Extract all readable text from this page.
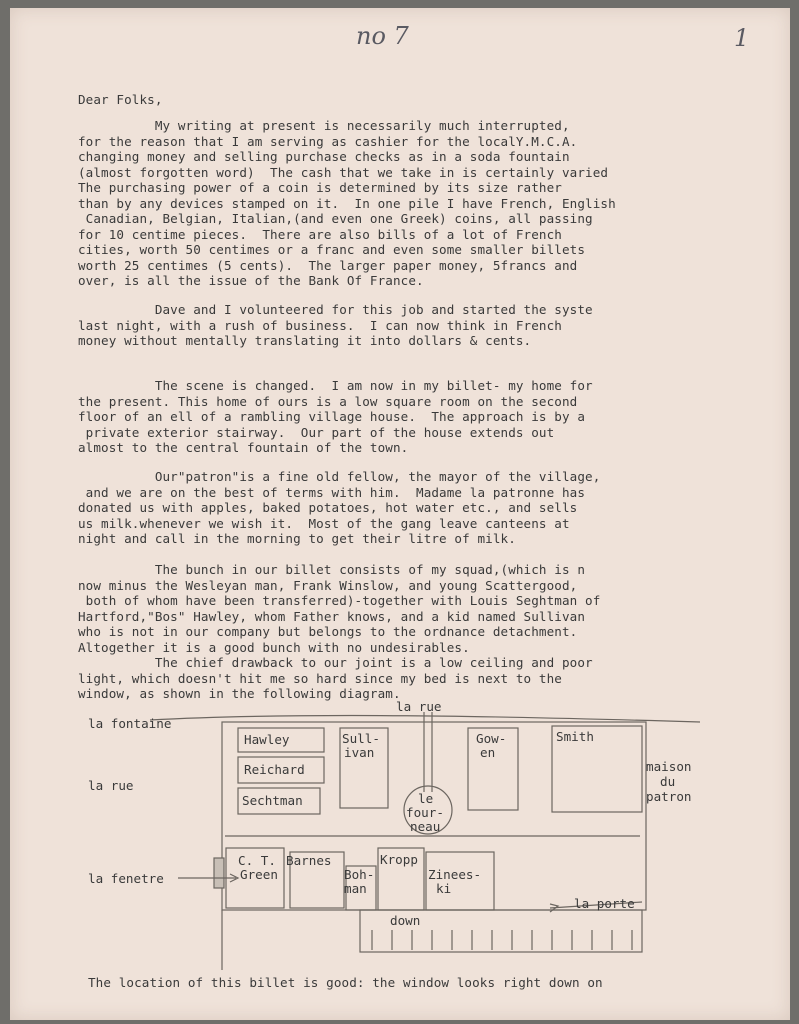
no 7	1
Dear Folks,
My writing at present is necessarily much interrupted,
for the reason that I am serving as cashier for the localY.M.C.A.
changing money and selling purchase checks as in a soda fountain
(almost forgotten word)  The cash that we take in is certainly varied
The purchasing power of a coin is determined by its size rather
than by any devices stamped on it.  In one pile I have French, English
Canadian, Belgian, Italian,(and even one Greek) coins, all passing
for 10 centime pieces.  There are also bills of a lot of French
cities, worth 50 centimes or a franc and even some smaller billets
worth 25 centimes (5 cents).  The larger paper money, 5francs and
over, is all the issue of the Bank Of France.
Dave and I volunteered for this job and started the syste
last night, with a rush of business.  I can now think in French
money without mentally translating it into dollars & cents.
The scene is changed.  I am now in my billet- my home for
the present. This home of ours is a low square room on the second
floor of an ell of a rambling village house.  The approach is by a
private exterior stairway.  Our part of the house extends out
almost to the central fountain of the town.
Our"patron"is a fine old fellow, the mayor of the village,
and we are on the best of terms with him.  Madame la patronne has
donated us with apples, baked potatoes, hot water etc., and sells
us milk.whenever we wish it.  Most of the gang leave canteens at
night and call in the morning to get their litre of milk.
The bunch in our billet consists of my squad,(which is n
now minus the Wesleyan man, Frank Winslow, and young Scattergood,
both of whom have been transferred)-together with Louis Seghtman of
Hartford,"Bos" Hawley, whom Father knows, and a kid named Sullivan
who is not in our company but belongs to the ordnance detachment.
Altogether it is a good bunch with no undesirables.
The chief drawback to our joint is a low ceiling and poor
light, which doesn't hit me so hard since my bed is next to the
window, as shown in the following diagram.
la fontaine
la rue
la fenetre
la rue
maison
du
patron
Hawley
Reichard
Sechtman
Sull-
ivan
le
four-
neau
Gow-
en
Smith
C. T.
Green
Barnes
Boh-
man
Kropp
Zinees-
ki
la porte
down
The location of this billet is good: the window looks right down on
